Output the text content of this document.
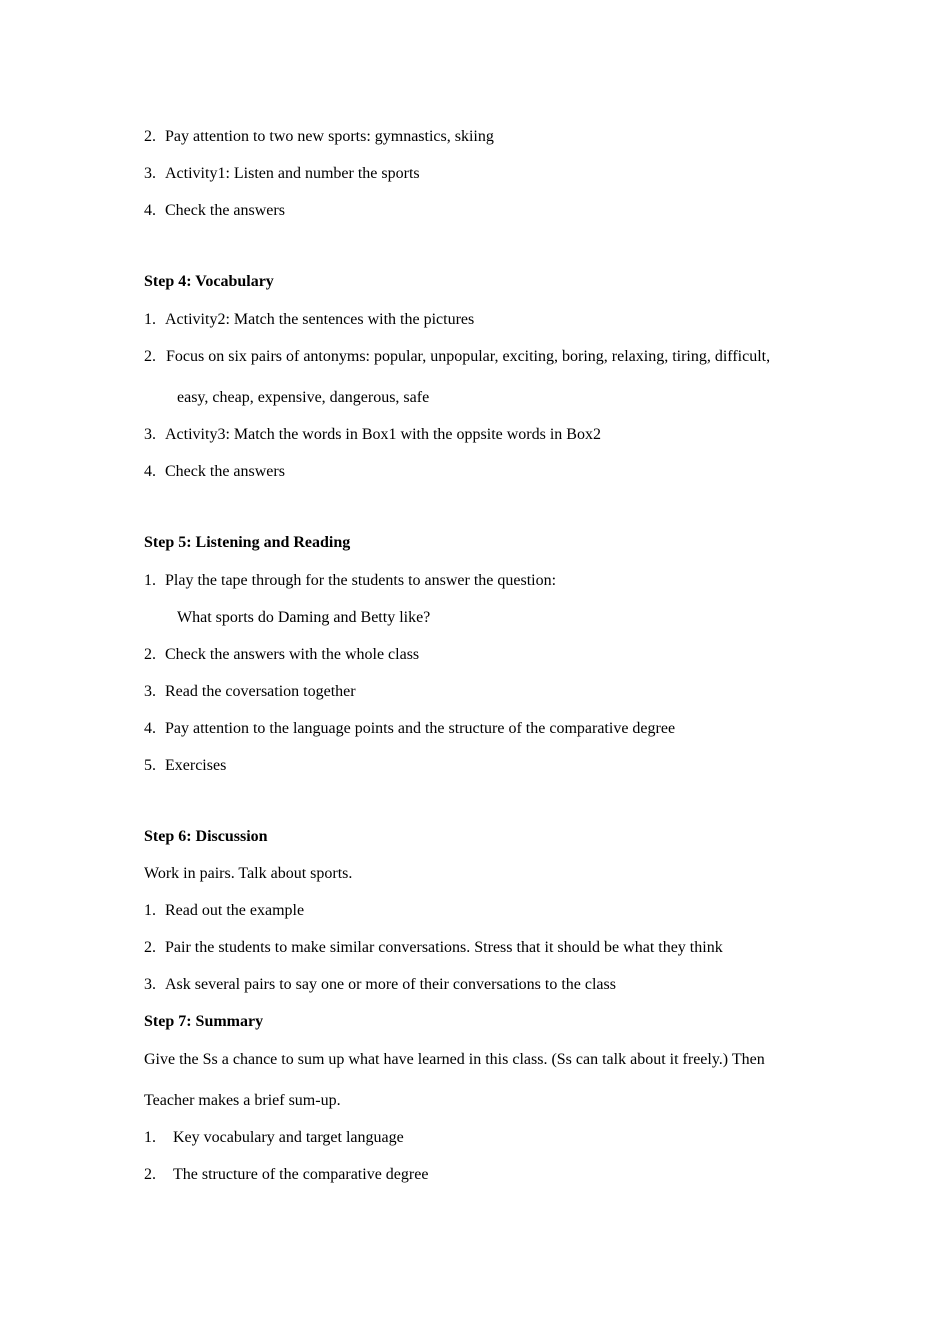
2. Pay attention to two new sports: gymnastics, skiing
3. Activity1: Listen and number the sports
4. Check the answers
Step 4: Vocabulary
1. Activity2: Match the sentences with the pictures
2. Focus on six pairs of antonyms: popular, unpopular, exciting, boring, relaxing, tiring, difficult,
easy, cheap, expensive, dangerous, safe
3. Activity3: Match the words in Box1 with the oppsite words in Box2
4. Check the answers
Step 5: Listening and Reading
1. Play the tape through for the students to answer the question:
What sports do Daming and Betty like?
2. Check the answers with the whole class
3. Read the coversation together
4. Pay attention to the language points and the structure of the comparative degree
5. Exercises
Step 6: Discussion
Work in pairs. Talk about sports.
1. Read out the example
2. Pair the students to make similar conversations. Stress that it should be what they think
3. Ask several pairs to say one or more of their conversations to the class
Step 7: Summary
Give the Ss a chance to sum up what have learned in this class. (Ss can talk about it freely.) Then
Teacher makes a brief sum-up.
1. Key vocabulary and target language
2. The structure of the comparative degree
